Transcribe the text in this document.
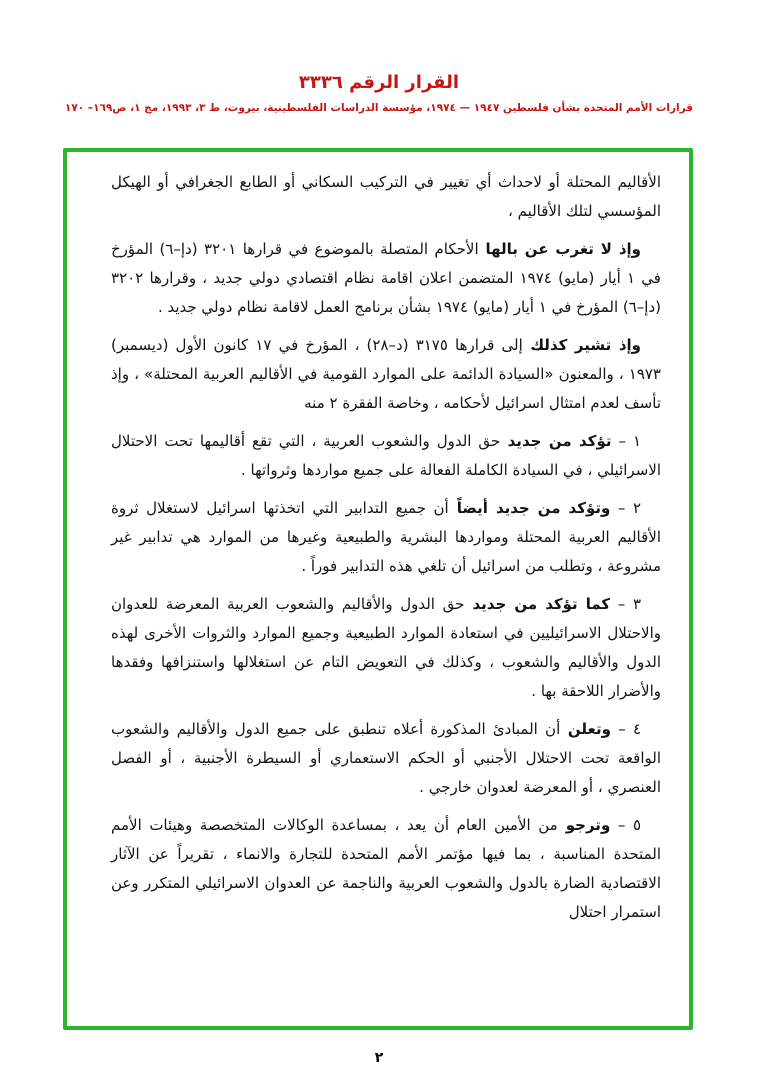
القرار الرقم ٣٣٣٦
قرارات الأمم المتحدة بشأن فلسطين ١٩٤٧ — ١٩٧٤، مؤسسة الدراسات الفلسطينية، بيروت، ط ٣، ١٩٩٣، مج ١، ص١٦٩– ١٧٠

الأقاليم المحتلة أو لاحداث أي تغيير في التركيب السكاني أو الطابع الجغرافي أو الهيكل المؤسسي لتلك الأقاليم ،

وإذ لا تغرب عن بالها الأحكام المتصلة بالموضوع في قرارها ٣٢٠١ (دإ–٦) المؤرخ في ١ أيار (مايو) ١٩٧٤ المتضمن اعلان اقامة نظام اقتصادي دولي جديد ، وقرارها ٣٢٠٢ (دإ–٦) المؤرخ في ١ أيار (مايو) ١٩٧٤ بشأن برنامج العمل لاقامة نظام دولي جديد .

وإذ تشير كذلك إلى قرارها ٣١٧٥ (د–٢٨) ، المؤرخ في ١٧ كانون الأول (ديسمبر) ١٩٧٣ ، والمعنون «السيادة الدائمة على الموارد القومية في الأقاليم العربية المحتلة» ، وإذ تأسف لعدم امتثال اسرائيل لأحكامه ، وخاصة الفقرة ٢ منه

١ – تؤكد من جديد حق الدول والشعوب العربية ، التي تقع أقاليمها تحت الاحتلال الاسرائيلي ، في السيادة الكاملة الفعالة على جميع مواردها وثرواتها .

٢ – وتؤكد من جديد أيضاً أن جميع التدابير التي اتخذتها اسرائيل لاستغلال ثروة الأقاليم العربية المحتلة ومواردها البشرية والطبيعية وغيرها من الموارد هي تدابير غير مشروعة ، وتطلب من اسرائيل أن تلغي هذه التدابير فوراً .

٣ – كما تؤكد من جديد حق الدول والأقاليم والشعوب العربية المعرضة للعدوان والاحتلال الاسرائيليين في استعادة الموارد الطبيعية وجميع الموارد والثروات الأخرى لهذه الدول والأقاليم والشعوب ، وكذلك في التعويض التام عن استغلالها واستنزافها وفقدها والأضرار اللاحقة بها .

٤ – وتعلن أن المبادئ المذكورة أعلاه تنطبق على جميع الدول والأقاليم والشعوب الواقعة تحت الاحتلال الأجنبي أو الحكم الاستعماري أو السيطرة الأجنبية ، أو الفصل العنصري ، أو المعرضة لعدوان خارجي .

٥ – وترجو من الأمين العام أن يعد ، بمساعدة الوكالات المتخصصة وهيئات الأمم المتحدة المناسبة ، بما فيها مؤتمر الأمم المتحدة للتجارة والانماء ، تقريراً عن الآثار الاقتصادية الضارة بالدول والشعوب العربية والناجمة عن العدوان الاسرائيلي المتكرر وعن استمرار احتلال

٢
